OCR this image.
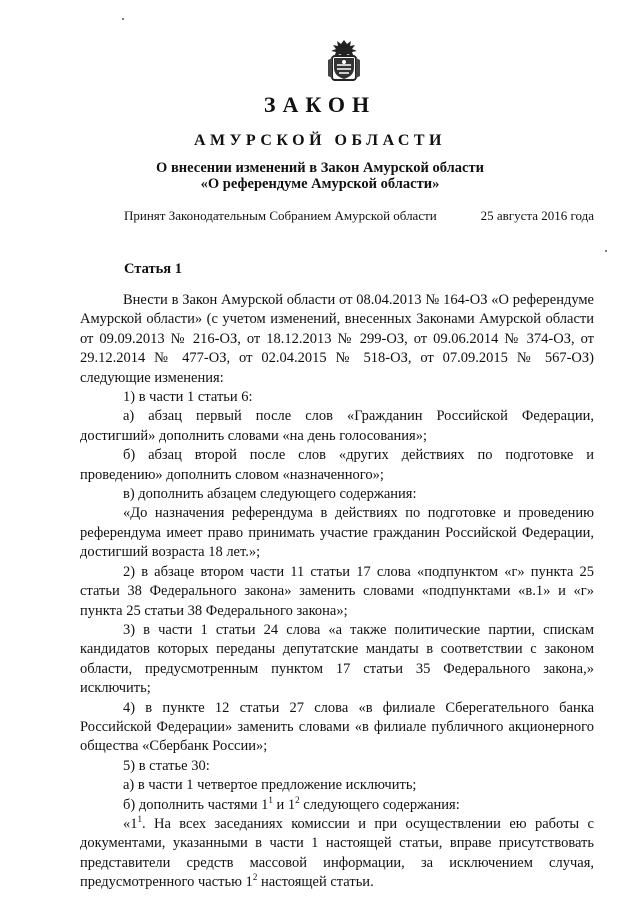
ЗАКОН
АМУРСКОЙ ОБЛАСТИ
О внесении изменений в Закон Амурской области
«О референдуме Амурской области»
Принят Законодательным Собранием Амурской области	25 августа 2016 года
Статья 1

Внести в Закон Амурской области от 08.04.2013 № 164-ОЗ «О референдуме Амурской области» (с учетом изменений, внесенных Законами Амурской области от 09.09.2013 № 216-ОЗ, от 18.12.2013 № 299-ОЗ, от 09.06.2014 № 374-ОЗ, от 29.12.2014 № 477-ОЗ, от 02.04.2015 № 518-ОЗ, от 07.09.2015 № 567-ОЗ) следующие изменения:

1) в части 1 статьи 6:

а) абзац первый после слов «Гражданин Российской Федерации, достигший» дополнить словами «на день голосования»;

б) абзац второй после слов «других действиях по подготовке и проведению» дополнить словом «назначенного»;

в) дополнить абзацем следующего содержания:

«До назначения референдума в действиях по подготовке и проведению референдума имеет право принимать участие гражданин Российской Федерации, достигший возраста 18 лет.»;

2) в абзаце втором части 11 статьи 17 слова «подпунктом «г» пункта 25 статьи 38 Федерального закона» заменить словами «подпунктами «в.1» и «г» пункта 25 статьи 38 Федерального закона»;

3) в части 1 статьи 24 слова «а также политические партии, спискам кандидатов которых переданы депутатские мандаты в соответствии с законом области, предусмотренным пунктом 17 статьи 35 Федерального закона,» исключить;

4) в пункте 12 статьи 27 слова «в филиале Сберегательного банка Российской Федерации» заменить словами «в филиале публичного акционерного общества «Сбербанк России»;

5) в статье 30:

а) в части 1 четвертое предложение исключить;

б) дополнить частями $1^1$ и $1^2$ следующего содержания:

«$1^1$. На всех заседаниях комиссии и при осуществлении ею работы с документами, указанными в части 1 настоящей статьи, вправе присутствовать представители средств массовой информации, за исключением случая, предусмотренного частью $1^2$ настоящей статьи.
